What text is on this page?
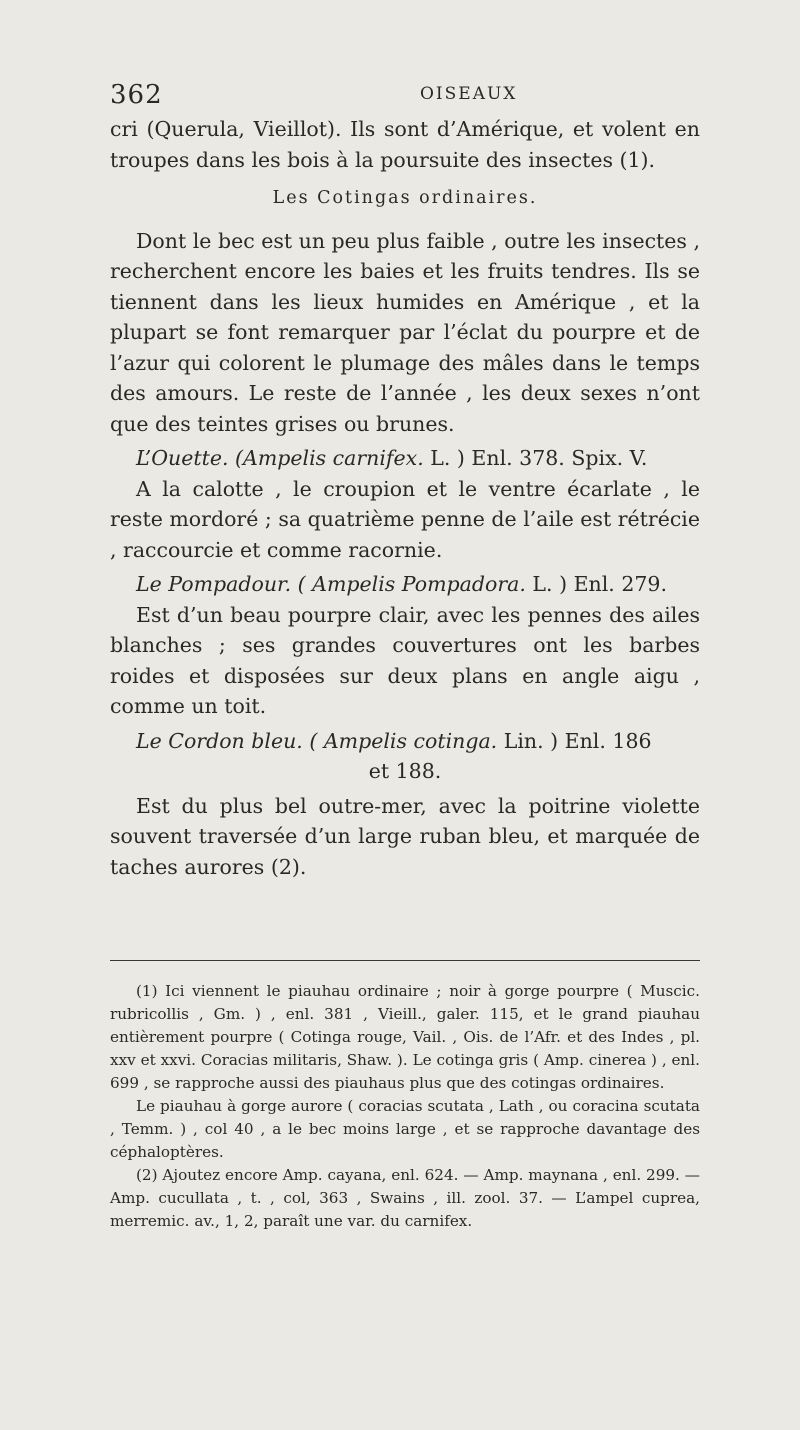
362	OISEAUX

cri (Querula, Vieillot). Ils sont d’Amérique, et volent en troupes dans les bois à la poursuite des insectes (1).

Les Cotingas ordinaires.

Dont le bec est un peu plus faible , outre les insectes , recherchent encore les baies et les fruits tendres. Ils se tiennent dans les lieux humides en Amérique , et la plupart se font remarquer par l’éclat du pourpre et de l’azur qui colorent le plumage des mâles dans le temps des amours. Le reste de l’année , les deux sexes n’ont que des teintes grises ou brunes.

L’Ouette. (Ampelis carnifex. L. ) Enl. 378. Spix. V.

A la calotte , le croupion et le ventre écarlate , le reste mordoré ; sa quatrième penne de l’aile est rétrécie , raccourcie et comme racornie.

Le Pompadour. ( Ampelis Pompadora. L. ) Enl. 279.

Est d’un beau pourpre clair, avec les pennes des ailes blanches ; ses grandes couvertures ont les barbes roides et disposées sur deux plans en angle aigu , comme un toit.

Le Cordon bleu. ( Ampelis cotinga. Lin. ) Enl. 186

et 188.

Est du plus bel outre-mer, avec la poitrine violette souvent traversée d’un large ruban bleu, et marquée de taches aurores (2).

(1) Ici viennent le piauhau ordinaire ; noir à gorge pourpre ( Muscic. rubricollis , Gm. ) , enl. 381 , Vieill., galer. 115, et le grand piauhau entièrement pourpre ( Cotinga rouge, Vail. , Ois. de l’Afr. et des Indes , pl. xxv et xxvi. Coracias militaris, Shaw. ). Le cotinga gris ( Amp. cinerea ) , enl. 699 , se rapproche aussi des piauhaus plus que des cotingas ordinaires.

Le piauhau à gorge aurore ( coracias scutata , Lath , ou coracina scutata , Temm. ) , col 40 , a le bec moins large , et se rapproche davantage des céphaloptères.

(2) Ajoutez encore Amp. cayana, enl. 624. — Amp. maynana , enl. 299. — Amp. cucullata , t. , col, 363 , Swains , ill. zool. 37. — L’ampel cuprea, merremic. av., 1, 2, paraît une var. du carnifex.
